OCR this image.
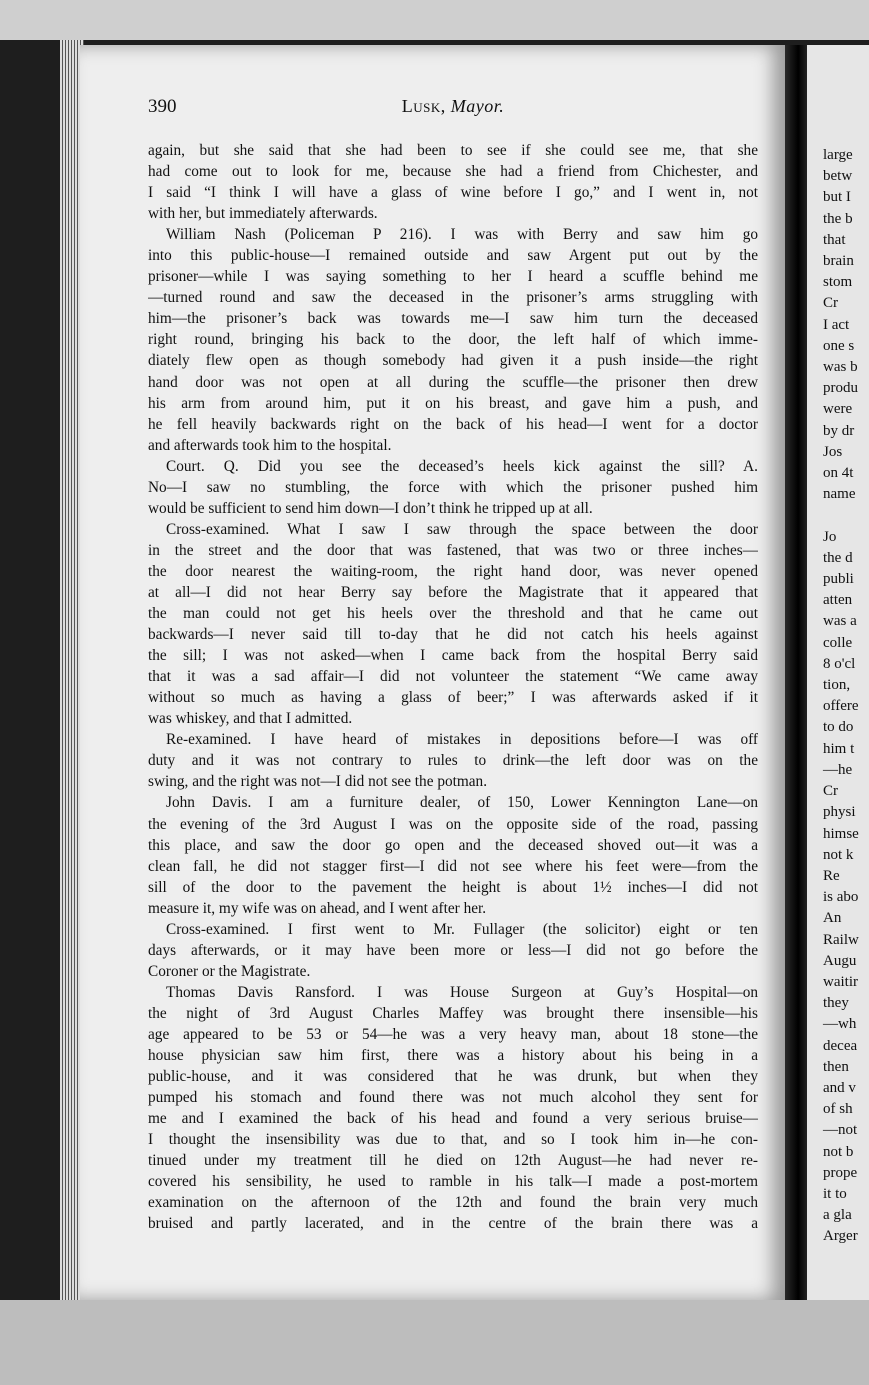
large
betw
but I
the b
that
brain
stom
Cr
I act
one s
was b
produ
were
by dr
Jos
on 4t
name

Jo
the d
publi
atten
was a
colle
8 o'cl
tion,
offere
to do
him t
—he
Cr
physi
himse
not k
Re
is abo
An
Railw
Augu
waitir
they
—wh
decea
then
and v
of sh
—not
not b
prope
it to
a gla
Arger
390	Lusk, Mayor.
again, but she said that she had been to see if she could see me, that she
had come out to look for me, because she had a friend from Chichester, and
I said “I think I will have a glass of wine before I go,” and I went in, not
with her, but immediately afterwards.
William Nash (Policeman P 216). I was with Berry and saw him go
into this public-house—I remained outside and saw Argent put out by the
prisoner—while I was saying something to her I heard a scuffle behind me
—turned round and saw the deceased in the prisoner’s arms struggling with
him—the prisoner’s back was towards me—I saw him turn the deceased
right round, bringing his back to the door, the left half of which imme-
diately flew open as though somebody had given it a push inside—the right
hand door was not open at all during the scuffle—the prisoner then drew
his arm from around him, put it on his breast, and gave him a push, and
he fell heavily backwards right on the back of his head—I went for a doctor
and afterwards took him to the hospital.
Court. Q. Did you see the deceased’s heels kick against the sill? A.
No—I saw no stumbling, the force with which the prisoner pushed him
would be sufficient to send him down—I don’t think he tripped up at all.
Cross-examined. What I saw I saw through the space between the door
in the street and the door that was fastened, that was two or three inches—
the door nearest the waiting-room, the right hand door, was never opened
at all—I did not hear Berry say before the Magistrate that it appeared that
the man could not get his heels over the threshold and that he came out
backwards—I never said till to-day that he did not catch his heels against
the sill; I was not asked—when I came back from the hospital Berry said
that it was a sad affair—I did not volunteer the statement “We came away
without so much as having a glass of beer;” I was afterwards asked if it
was whiskey, and that I admitted.
Re-examined. I have heard of mistakes in depositions before—I was off
duty and it was not contrary to rules to drink—the left door was on the
swing, and the right was not—I did not see the potman.
John Davis. I am a furniture dealer, of 150, Lower Kennington Lane—on
the evening of the 3rd August I was on the opposite side of the road, passing
this place, and saw the door go open and the deceased shoved out—it was a
clean fall, he did not stagger first—I did not see where his feet were—from the
sill of the door to the pavement the height is about 1½ inches—I did not
measure it, my wife was on ahead, and I went after her.
Cross-examined. I first went to Mr. Fullager (the solicitor) eight or ten
days afterwards, or it may have been more or less—I did not go before the
Coroner or the Magistrate.
Thomas Davis Ransford. I was House Surgeon at Guy’s Hospital—on
the night of 3rd August Charles Maffey was brought there insensible—his
age appeared to be 53 or 54—he was a very heavy man, about 18 stone—the
house physician saw him first, there was a history about his being in a
public-house, and it was considered that he was drunk, but when they
pumped his stomach and found there was not much alcohol they sent for
me and I examined the back of his head and found a very serious bruise—
I thought the insensibility was due to that, and so I took him in—he con-
tinued under my treatment till he died on 12th August—he had never re-
covered his sensibility, he used to ramble in his talk—I made a post-mortem
examination on the afternoon of the 12th and found the brain very much
bruised and partly lacerated, and in the centre of the brain there was a
